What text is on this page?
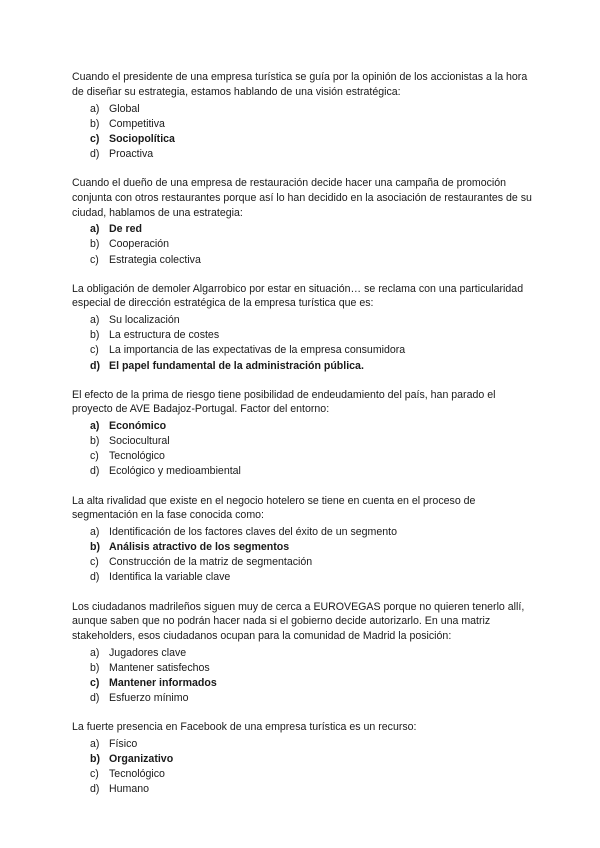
Cuando el presidente de una empresa turística se guía por la opinión de los accionistas a la hora de diseñar su estrategia, estamos hablando de una visión estratégica:

a) Global
b) Competitiva
c) Sociopolítica
d) Proactiva

Cuando el dueño de una empresa de restauración decide hacer una campaña de promoción conjunta con otros restaurantes porque así lo han decidido en la asociación de restaurantes de su ciudad, hablamos de una estrategia:

a) De red
b) Cooperación
c) Estrategia colectiva

La obligación de demoler Algarrobico por estar en situación… se reclama con una particularidad especial de dirección estratégica de la empresa turística que es:

a) Su localización
b) La estructura de costes
c) La importancia de las expectativas de la empresa consumidora
d) El papel fundamental de la administración pública.

El efecto de la prima de riesgo tiene posibilidad de endeudamiento del país, han parado el proyecto de AVE Badajoz-Portugal. Factor del entorno:

a) Económico
b) Sociocultural
c) Tecnológico
d) Ecológico y medioambiental

La alta rivalidad que existe en el negocio hotelero se tiene en cuenta en el proceso de segmentación en la fase conocida como:

a) Identificación de los factores claves del éxito de un segmento
b) Análisis atractivo de los segmentos
c) Construcción de la matriz de segmentación
d) Identifica la variable clave

Los ciudadanos madrileños siguen muy de cerca a EUROVEGAS porque no quieren tenerlo allí, aunque saben que no podrán hacer nada si el gobierno decide autorizarlo. En una matriz stakeholders, esos ciudadanos ocupan para la comunidad de Madrid la posición:

a) Jugadores clave
b) Mantener satisfechos
c) Mantener informados
d) Esfuerzo mínimo

La fuerte presencia en Facebook de una empresa turística es un recurso:

a) Físico
b) Organizativo
c) Tecnológico
d) Humano
